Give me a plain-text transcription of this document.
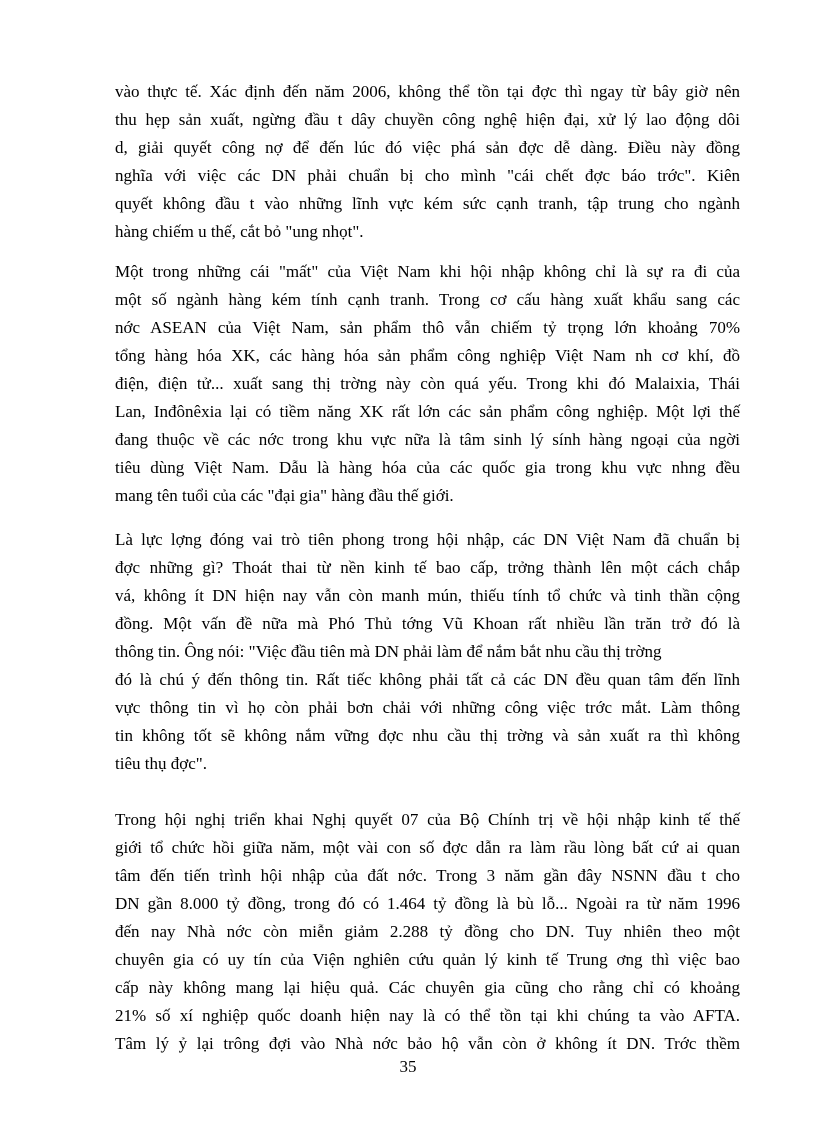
vào thực tế. Xác định đến năm 2006, không thể tồn tại đợc thì ngay từ bây giờ nên
thu hẹp sản xuất, ngừng đầu t dây chuyền công nghệ hiện đại, xử lý lao động dôi
d, giải quyết công nợ để đến lúc đó việc phá sản đợc dễ dàng. Điều này đồng
nghĩa với việc các DN phải chuẩn bị cho mình "cái chết đợc báo trớc". Kiên
quyết không đầu t vào những lĩnh vực kém sức cạnh tranh, tập trung cho ngành
hàng chiếm u thế, cắt bỏ "ung nhọt".
Một trong những cái "mất" của Việt Nam khi hội nhập không chỉ là sự ra đi của
một số ngành hàng kém tính cạnh tranh. Trong cơ cấu hàng xuất khẩu sang các
nớc ASEAN của Việt Nam, sản phẩm thô vẫn chiếm tỷ trọng lớn khoảng 70%
tổng hàng hóa XK, các hàng hóa sản phẩm công nghiệp Việt Nam nh cơ khí, đồ
điện, điện tử... xuất sang thị trờng này còn quá yếu. Trong khi đó Malaixia, Thái
Lan, Inđônêxia lại có tiềm năng XK rất lớn các sản phẩm công nghiệp. Một lợi thế
đang thuộc về các nớc trong khu vực nữa là tâm sinh lý sính hàng ngoại của ngời
tiêu dùng Việt Nam. Dẫu là hàng hóa của các quốc gia trong khu vực nhng đều
mang tên tuổi của các "đại gia" hàng đầu thế giới.
Là lực lợng đóng vai trò tiên phong trong hội nhập, các DN Việt Nam đã chuẩn bị
đợc những gì? Thoát thai từ nền kinh tế bao cấp, trởng thành lên một cách chắp
vá, không ít DN hiện nay vẫn còn manh mún, thiếu tính tổ chức và tinh thần cộng
đồng. Một vấn đề nữa mà Phó Thủ tớng Vũ Khoan rất nhiều lần trăn trở đó là
thông tin. Ông nói: "Việc đầu tiên mà DN phải làm để nắm bắt nhu cầu thị trờng
đó là chú ý đến thông tin. Rất tiếc không phải tất cả các DN đều quan tâm đến lĩnh
vực thông tin vì họ còn phải bơn chải với những công việc trớc mắt. Làm thông
tin không tốt sẽ không nắm vững đợc nhu cầu thị trờng và sản xuất ra thì không
tiêu thụ đợc".
Trong hội nghị triển khai Nghị quyết 07 của Bộ Chính trị về hội nhập kinh tế thế
giới tổ chức hồi giữa năm, một vài con số đợc dẫn ra làm rầu lòng bất cứ ai quan
tâm đến tiến trình hội nhập của đất nớc. Trong 3 năm gần đây NSNN đầu t cho
DN gần 8.000 tỷ đồng, trong đó có 1.464 tỷ đồng là bù lỗ... Ngoài ra từ năm 1996
đến nay Nhà nớc còn miễn giảm 2.288 tỷ đồng cho DN. Tuy nhiên theo một
chuyên gia có uy tín của Viện nghiên cứu quản lý kinh tế Trung ơng thì việc bao
cấp này không mang lại hiệu quả. Các chuyên gia cũng cho rằng chỉ có khoảng
21% số xí nghiệp quốc doanh hiện nay là có thể tồn tại khi chúng ta vào AFTA.
Tâm lý ỷ lại trông đợi vào Nhà nớc bảo hộ vẫn còn ở không ít DN. Trớc thềm
35
